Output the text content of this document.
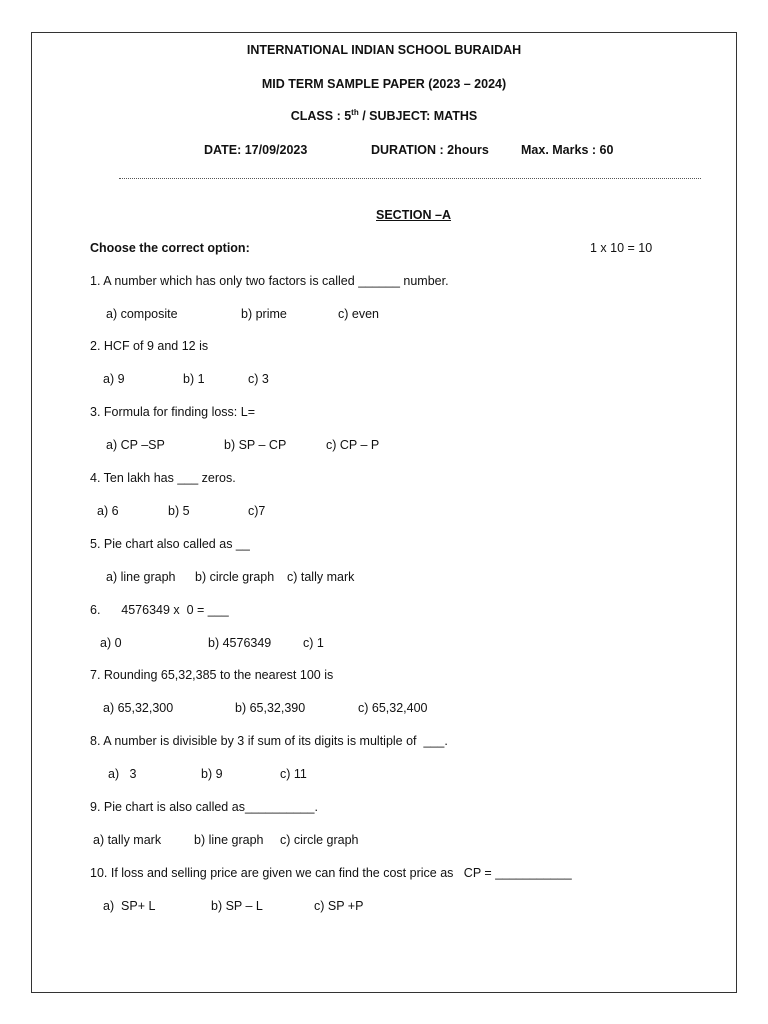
INTERNATIONAL INDIAN SCHOOL BURAIDAH
MID TERM SAMPLE PAPER (2023 – 2024)
CLASS : 5th / SUBJECT: MATHS
DATE: 17/09/2023	DURATION : 2hours	Max. Marks : 60
SECTION –A
Choose the correct option:	1 x 10 = 10
1. A number which has only two factors is called ______ number.
a) composite	b) prime	c) even
2. HCF of 9 and 12 is
a) 9	b) 1	c) 3
3. Formula for finding loss: L=
a) CP –SP	b) SP – CP	c) CP – P
4. Ten lakh has ___ zeros.
a) 6	b) 5	c)7
5. Pie chart also called as __
a) line graph b) circle graph c) tally mark
6.      4576349 x  0 = ___
a) 0	b) 4576349	c) 1
7. Rounding 65,32,385 to the nearest 100 is
a) 65,32,300	b) 65,32,390	c) 65,32,400
8. A number is divisible by 3 if sum of its digits is multiple of  ___.
a)   3	b) 9	c) 11
9. Pie chart is also called as__________.
a) tally mark	b) line graph c) circle graph
10. If loss and selling price are given we can find the cost price as   CP = ___________
a)  SP+ L	b) SP – L	c) SP +P
